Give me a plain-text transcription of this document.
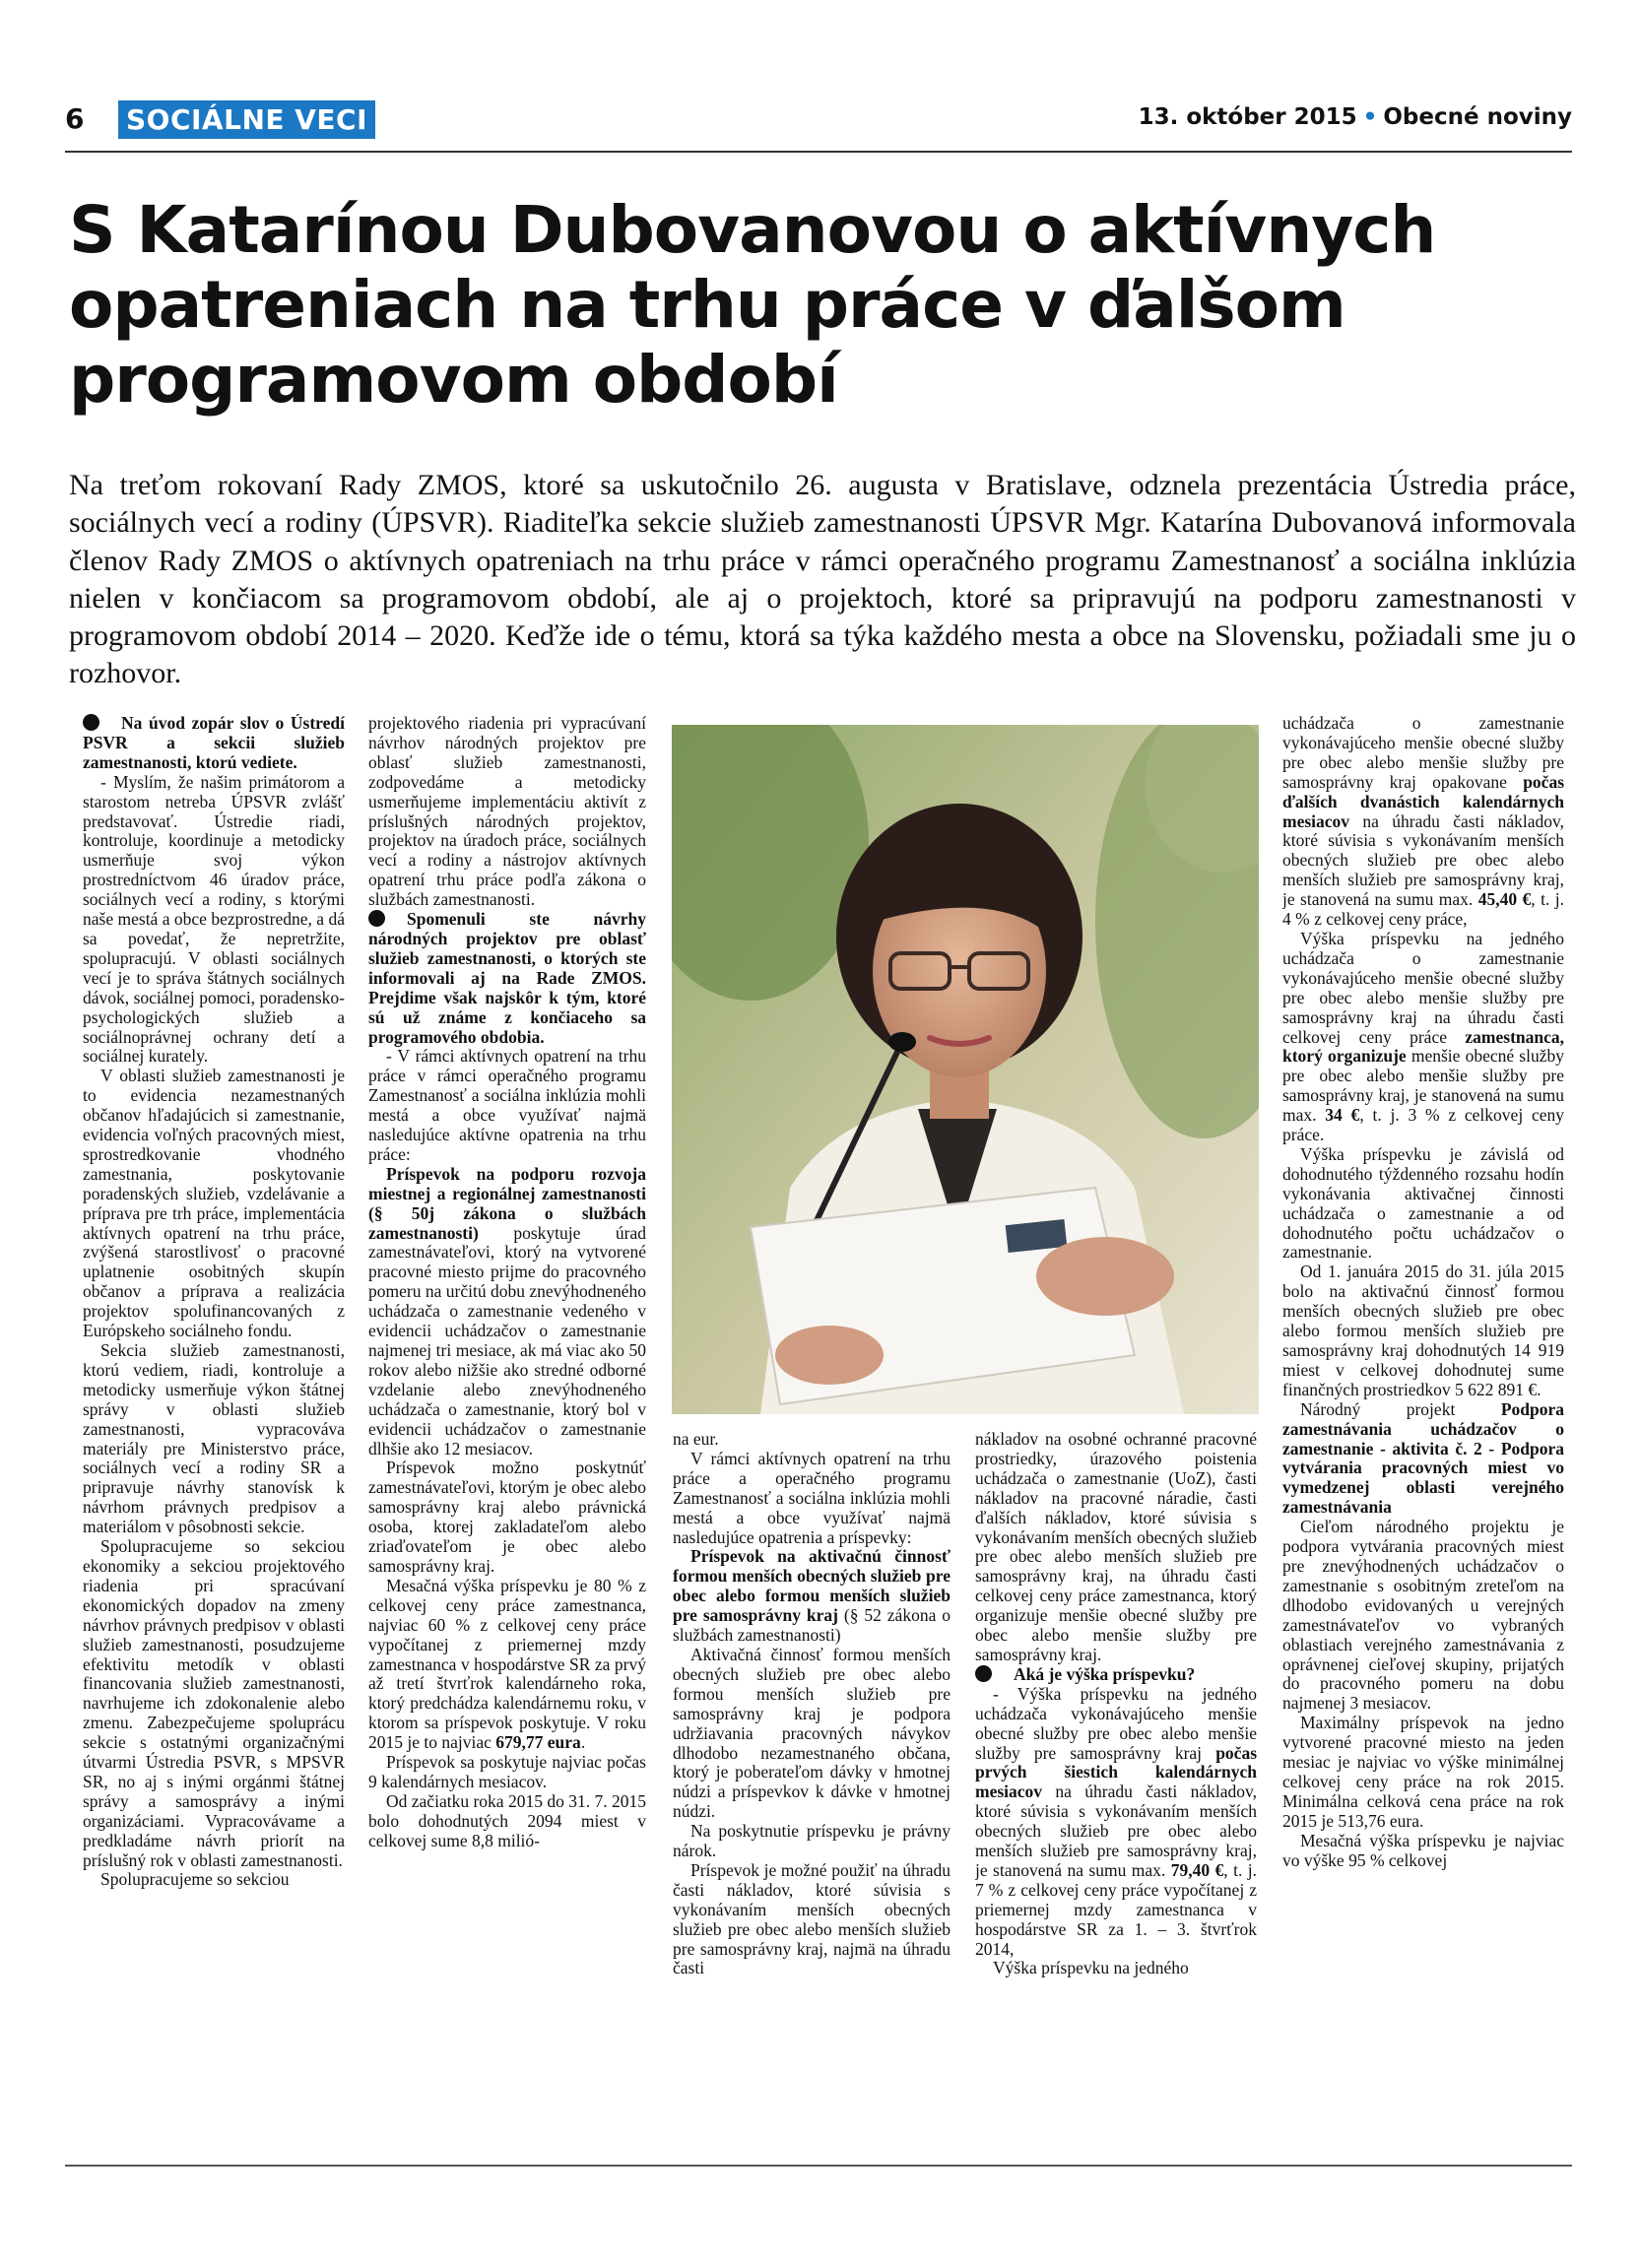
6 SOCIÁLNE VECI	13. október 2015 • Obecné noviny
S Katarínou Dubovanovou o aktívnych opatreniach na trhu práce v ďalšom programovom období

Na treťom rokovaní Rady ZMOS, ktoré sa uskutočnilo 26. augusta v Bratislave, odznela prezentácia Ústredia práce, sociálnych vecí a rodiny (ÚPSVR). Riaditeľka sekcie služieb zamestnanosti ÚPSVR Mgr. Katarína Dubovanová informovala členov Rady ZMOS o aktívnych opatreniach na trhu práce v rámci operačného programu Zamestnanosť a sociálna inklúzia nielen v končiacom sa programovom období, ale aj o projektoch, ktoré sa pripravujú na podporu zamestnanosti v programovom období 2014 – 2020. Keďže ide o tému, ktorá sa týka každého mesta a obce na Slovensku, požiadali sme ju o rozhovor.

Na úvod zopár slov o Ústredí PSVR a sekcii služieb zamestnanosti, ktorú vediete.

- Myslím, že našim primátorom a starostom netreba ÚPSVR zvlášť predstavovať. Ústredie riadi, kontroluje, koordinuje a metodicky usmerňuje svoj výkon prostredníctvom 46 úradov práce, sociálnych vecí a rodiny, s ktorými naše mestá a obce bezprostredne, a dá sa povedať, že nepretržite, spolupracujú. V oblasti sociálnych vecí je to správa štátnych sociálnych dávok, sociálnej pomoci, poradensko-psychologických služieb a sociálnoprávnej ochrany detí a sociálnej kurately.

V oblasti služieb zamestnanosti je to evidencia nezamestnaných občanov hľadajúcich si zamestnanie, evidencia voľných pracovných miest, sprostredkovanie vhodného zamestnania, poskytovanie poradenských služieb, vzdelávanie a príprava pre trh práce, implementácia aktívnych opatrení na trhu práce, zvýšená starostlivosť o pracovné uplatnenie osobitných skupín občanov a príprava a realizácia projektov spolufinancovaných z Európskeho sociálneho fondu.

Sekcia služieb zamestnanosti, ktorú vediem, riadi, kontroluje a metodicky usmerňuje výkon štátnej správy v oblasti služieb zamestnanosti, vypracováva materiály pre Ministerstvo práce, sociálnych vecí a rodiny SR a pripravuje návrhy stanovísk k návrhom právnych predpisov a materiálom v pôsobnosti sekcie.

Spolupracujeme so sekciou ekonomiky a sekciou projektového riadenia pri spracúvaní ekonomických dopadov na zmeny návrhov právnych predpisov v oblasti služieb zamestnanosti, posudzujeme efektivitu metodík v oblasti financovania služieb zamestnanosti, navrhujeme ich zdokonalenie alebo zmenu. Zabezpečujeme spoluprácu sekcie s ostatnými organizačnými útvarmi Ústredia PSVR, s MPSVR SR, no aj s inými orgánmi štátnej správy a samosprávy a inými organizáciami. Vypracovávame a predkladáme návrh priorít na príslušný rok v oblasti zamestnanosti.

Spolupracujeme so sekciou

projektového riadenia pri vypracúvaní návrhov národných projektov pre oblasť služieb zamestnanosti, zodpovedáme a metodicky usmerňujeme implementáciu aktivít z príslušných národných projektov, projektov na úradoch práce, sociálnych vecí a rodiny a nástrojov aktívnych opatrení trhu práce podľa zákona o službách zamestnanosti.

Spomenuli ste návrhy národných projektov pre oblasť služieb zamestnanosti, o ktorých ste informovali aj na Rade ZMOS. Prejdime však najskôr k tým, ktoré sú už známe z končiaceho sa programového obdobia.

- V rámci aktívnych opatrení na trhu práce v rámci operačného programu Zamestnanosť a sociálna inklúzia mohli mestá a obce využívať najmä nasledujúce aktívne opatrenia na trhu práce:

Príspevok na podporu rozvoja miestnej a regionálnej zamestnanosti (§ 50j zákona o službách zamestnanosti) poskytuje úrad zamestnávateľovi, ktorý na vytvorené pracovné miesto prijme do pracovného pomeru na určitú dobu znevýhodneného uchádzača o zamestnanie vedeného v evidencii uchádzačov o zamestnanie najmenej tri mesiace, ak má viac ako 50 rokov alebo nižšie ako stredné odborné vzdelanie alebo znevýhodneného uchádzača o zamestnanie, ktorý bol v evidencii uchádzačov o zamestnanie dlhšie ako 12 mesiacov.

Príspevok možno poskytnúť zamestnávateľovi, ktorým je obec alebo samosprávny kraj alebo právnická osoba, ktorej zakladateľom alebo zriaďovateľom je obec alebo samosprávny kraj.

Mesačná výška príspevku je 80 % z celkovej ceny práce zamestnanca, najviac 60 % z celkovej ceny práce vypočítanej z priemernej mzdy zamestnanca v hospodárstve SR za prvý až tretí štvrťrok kalendárneho roka, ktorý predchádza kalendárnemu roku, v ktorom sa príspevok poskytuje. V roku 2015 je to najviac 679,77 eura.

Príspevok sa poskytuje najviac počas 9 kalendárnych mesiacov.

Od začiatku roka 2015 do 31. 7. 2015 bolo dohodnutých 2094 miest v celkovej sume 8,8 milió-

na eur.

V rámci aktívnych opatrení na trhu práce a operačného programu Zamestnanosť a sociálna inklúzia mohli mestá a obce využívať najmä nasledujúce opatrenia a príspevky:

Príspevok na aktivačnú činnosť formou menších obecných služieb pre obec alebo formou menších služieb pre samosprávny kraj (§ 52 zákona o službách zamestnanosti)

Aktivačná činnosť formou menších obecných služieb pre obec alebo formou menších služieb pre samosprávny kraj je podpora udržiavania pracovných návykov dlhodobo nezamestnaného občana, ktorý je poberateľom dávky v hmotnej núdzi a príspevkov k dávke v hmotnej núdzi.

Na poskytnutie príspevku je právny nárok.

Príspevok je možné použiť na úhradu časti nákladov, ktoré súvisia s vykonávaním menších obecných služieb pre obec alebo menších služieb pre samosprávny kraj, najmä na úhradu časti

nákladov na osobné ochranné pracovné prostriedky, úrazového poistenia uchádzača o zamestnanie (UoZ), časti nákladov na pracovné náradie, časti ďalších nákladov, ktoré súvisia s vykonávaním menších obecných služieb pre obec alebo menších služieb pre samosprávny kraj, na úhradu časti celkovej ceny práce zamestnanca, ktorý organizuje menšie obecné služby pre obec alebo menšie služby pre samosprávny kraj.

Aká je výška príspevku?

- Výška príspevku na jedného uchádzača vykonávajúceho menšie obecné služby pre obec alebo menšie služby pre samosprávny kraj počas prvých šiestich kalendárnych mesiacov na úhradu časti nákladov, ktoré súvisia s vykonávaním menších obecných služieb pre obec alebo menších služieb pre samosprávny kraj, je stanovená na sumu max. 79,40 €, t. j. 7 % z celkovej ceny práce vypočítanej z priemernej mzdy zamestnanca v hospodárstve SR za 1. – 3. štvrťrok 2014,

Výška príspevku na jedného

uchádzača o zamestnanie vykonávajúceho menšie obecné služby pre obec alebo menšie služby pre samosprávny kraj opakovane počas ďalších dvanástich kalendárnych mesiacov na úhradu časti nákladov, ktoré súvisia s vykonávaním menších obecných služieb pre obec alebo menších služieb pre samosprávny kraj, je stanovená na sumu max. 45,40 €, t. j. 4 % z celkovej ceny práce,

Výška príspevku na jedného uchádzača o zamestnanie vykonávajúceho menšie obecné služby pre obec alebo menšie služby pre samosprávny kraj na úhradu časti celkovej ceny práce zamestnanca, ktorý organizuje menšie obecné služby pre obec alebo menšie služby pre samosprávny kraj, je stanovená na sumu max. 34 €, t. j. 3 % z celkovej ceny práce.

Výška príspevku je závislá od dohodnutého týždenného rozsahu hodín vykonávania aktivačnej činnosti uchádzača o zamestnanie a od dohodnutého počtu uchádzačov o zamestnanie.

Od 1. januára 2015 do 31. júla 2015 bolo na aktivačnú činnosť formou menších obecných služieb pre obec alebo formou menších služieb pre samosprávny kraj dohodnutých 14 919 miest v celkovej dohodnutej sume finančných prostriedkov 5 622 891 €.

Národný projekt Podpora zamestnávania uchádzačov o zamestnanie - aktivita č. 2 - Podpora vytvárania pracovných miest vo vymedzenej oblasti verejného zamestnávania

Cieľom národného projektu je podpora vytvárania pracovných miest pre znevýhodnených uchádzačov o zamestnanie s osobitným zreteľom na dlhodobo evidovaných u verejných zamestnávateľov vo vybraných oblastiach verejného zamestnávania z oprávnenej cieľovej skupiny, prijatých do pracovného pomeru na dobu najmenej 3 mesiacov.

Maximálny príspevok na jedno vytvorené pracovné miesto na jeden mesiac je najviac vo výške minimálnej celkovej ceny práce na rok 2015. Minimálna celková cena práce na rok 2015 je 513,76 eura.

Mesačná výška príspevku je najviac vo výške 95 % celkovej
